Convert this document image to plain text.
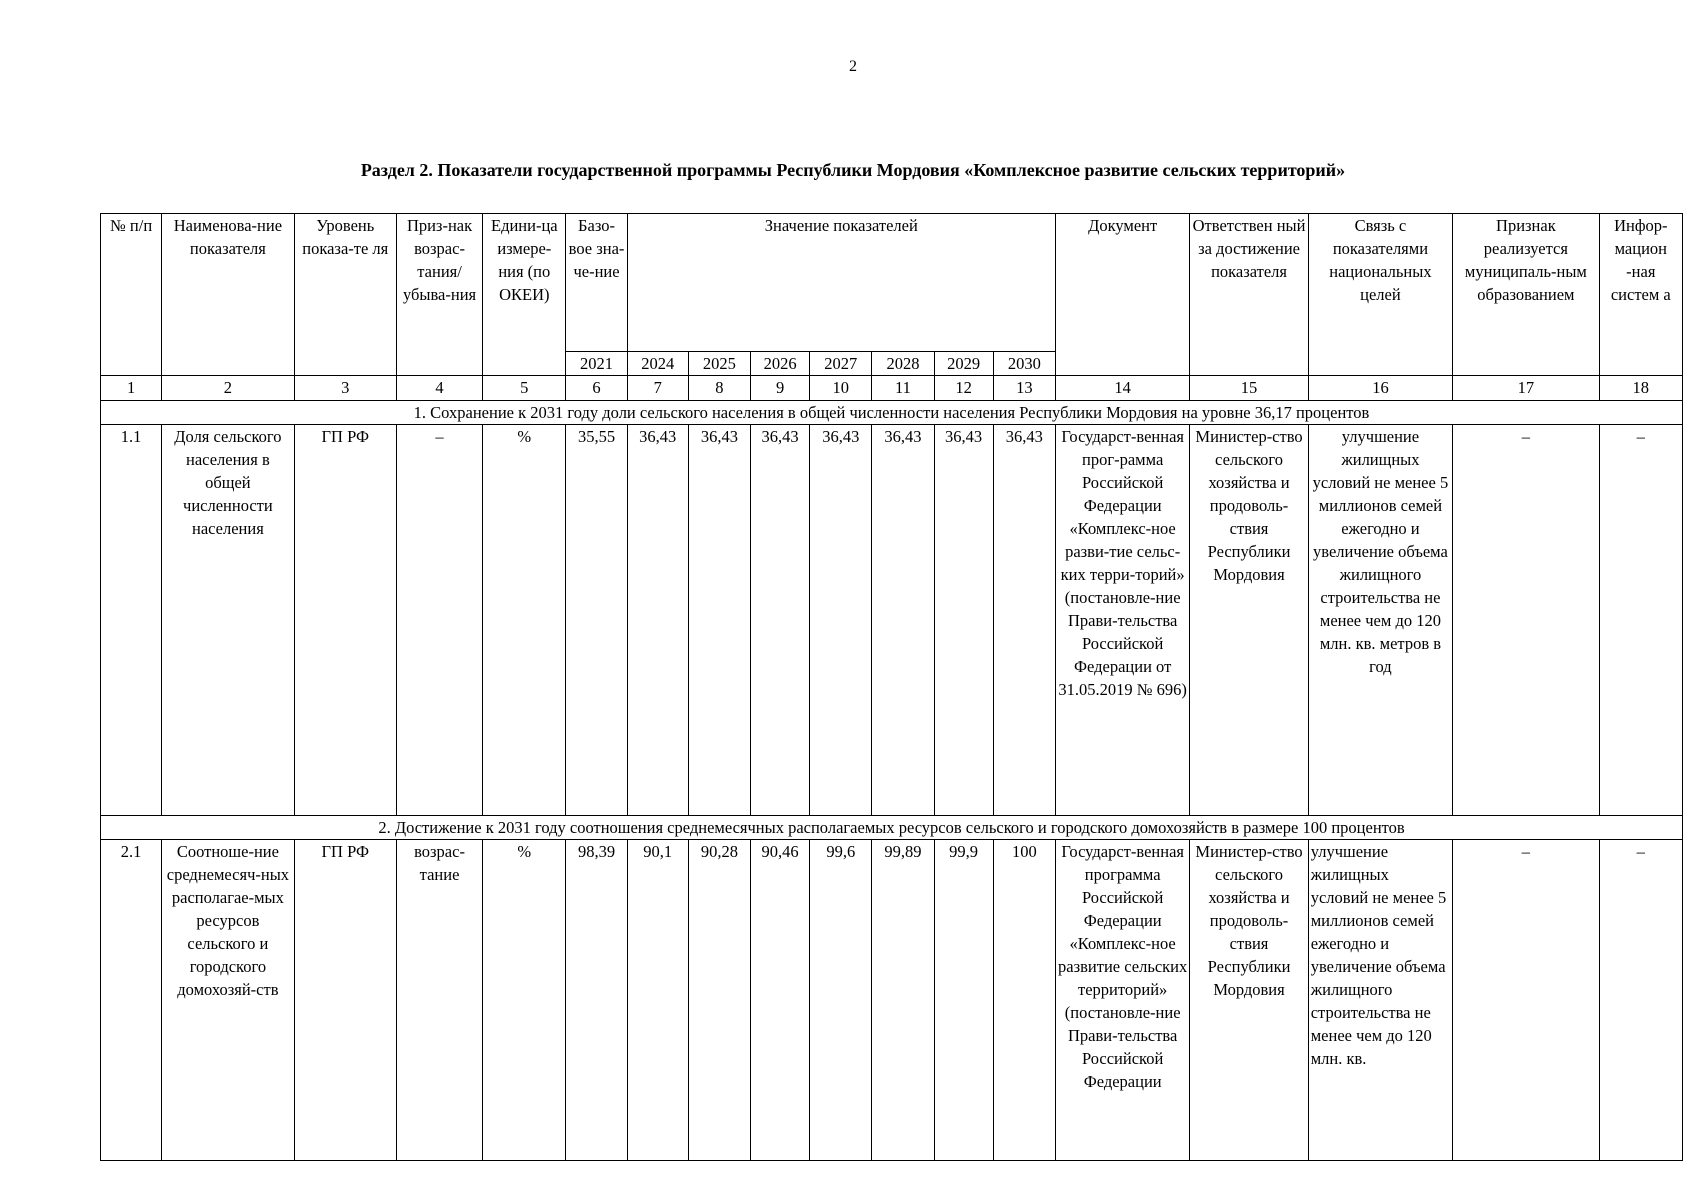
2
Раздел 2. Показатели государственной программы Республики Мордовия «Комплексное развитие сельских территорий»
№ п/п	Наименова-ние показателя	Уровень показа-те ля	Приз-нак возрас-тания/ убыва-ния	Едини-ца измере-ния (по ОКЕИ)	Базо-вое зна-че-ние	Значение показателей							Документ	Ответствен ный за достижение показателя	Связь с показателями национальных целей	Признак реализуется муниципаль-ным образованием	Инфор-мацион -ная систем а
					2021	2024	2025	2026	2027	2028	2029	2030					
1	2	3	4	5	6	7	8	9	10	11	12	13	14	15	16	17	18
1. Сохранение к 2031 году доли сельского населения в общей численности населения Республики Мордовия на уровне 36,17 процентов																	
1.1	Доля сельского населения в общей численности населения	ГП РФ	–	%	35,55	36,43	36,43	36,43	36,43	36,43	36,43	36,43	Государст-венная прог-рамма Российской Федерации «Комплекс-ное разви-тие сельс-ких терри-торий» (постановле-ние Прави-тельства Российской Федерации от 31.05.2019 № 696)	Министер-ство сельского хозяйства и продоволь-ствия Республики Мордовия	улучшение жилищных условий не менее 5 миллионов семей ежегодно и увеличение объема жилищного строительства не менее чем до 120 млн. кв. метров в год	–	–
2. Достижение к 2031 году соотношения среднемесячных располагаемых ресурсов сельского и городского домохозяйств в размере 100 процентов																	
2.1	Соотноше-ние среднемесяч-ных располагае-мых ресурсов сельского и городского домохозяй-ств	ГП РФ	возрас-тание	%	98,39	90,1	90,28	90,46	99,6	99,89	99,9	100	Государст-венная программа Российской Федерации «Комплекс-ное развитие сельских территорий» (постановле-ние Прави-тельства Российской Федерации	Министер-ство сельского хозяйства и продоволь-ствия Республики Мордовия	улучшение жилищных условий не менее 5 миллионов семей ежегодно и увеличение объема жилищного строительства не менее чем до 120 млн. кв.	–	–
